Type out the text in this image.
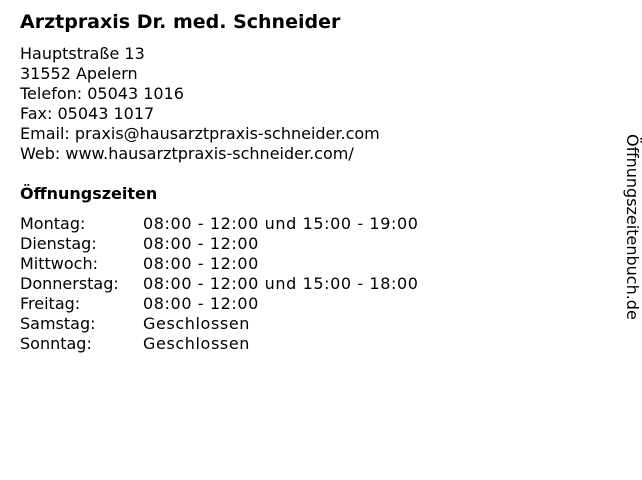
Arztpraxis Dr. med. Schneider
Hauptstraße 13
31552 Apelern
Telefon: 05043 1016
Fax: 05043 1017
Email: praxis@hausarztpraxis-schneider.com
Web: www.hausarztpraxis-schneider.com/
Öffnungszeiten
Montag:	08:00 - 12:00 und 15:00 - 19:00
Dienstag:	08:00 - 12:00
Mittwoch:	08:00 - 12:00
Donnerstag: 08:00 - 12:00 und 15:00 - 18:00
Freitag:	08:00 - 12:00
Samstag:	Geschlossen
Sonntag:	Geschlossen
Öffnungszeitenbuch.de
